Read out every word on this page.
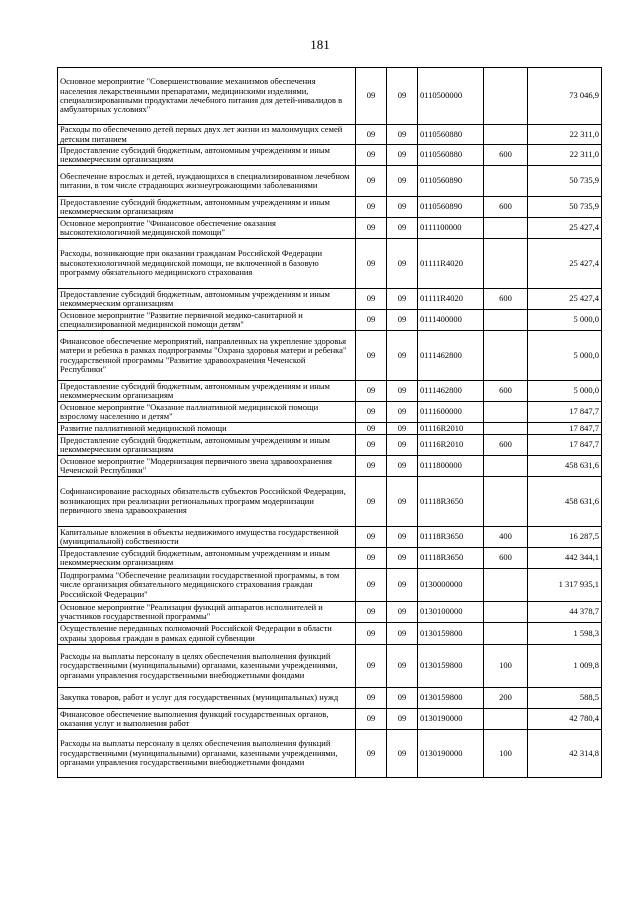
181
Основное мероприятие "Совершенствование механизмов обеспечения населения лекарственными препаратами, медицинскими изделиями, специализированными продуктами лечебного питания для детей-инвалидов в амбулаторных условиях"	09	09	0110500000		73 046,9
Расходы по обеспечению детей первых двух лет жизни из малоимущих семей детским питанием	09	09	0110560880		22 311,0
Предоставление субсидий бюджетным, автономным учреждениям и иным некоммерческим организациям	09	09	0110560880	600	22 311,0
Обеспечение взрослых и детей, нуждающихся в специализированном лечебном питании, в том числе страдающих жизнеугрожающими заболеваниями	09	09	0110560890		50 735,9
Предоставление субсидий бюджетным, автономным учреждениям и иным некоммерческим организациям	09	09	0110560890	600	50 735,9
Основное мероприятие "Финансовое обеспечение оказания высокотехнологичной медицинской помощи"	09	09	0111100000		25 427,4
Расходы, возникающие при оказании гражданам Российской Федерации высокотехнологичной медицинской помощи, не включенной в базовую программу обязательного медицинского страхования	09	09	01111R4020		25 427,4
Предоставление субсидий бюджетным, автономным учреждениям и иным некоммерческим организациям	09	09	01111R4020	600	25 427,4
Основное мероприятие "Развитие первичной медико-санитарной и специализированной медицинской помощи детям"	09	09	0111400000		5 000,0
Финансовое обеспечение мероприятий, направленных на укрепление здоровья матери и ребенка в рамках подпрограммы "Охрана здоровья матери и ребенка" государственной программы "Развитие здравоохранения Чеченской Республики"	09	09	0111462800		5 000,0
Предоставление субсидий бюджетным, автономным учреждениям и иным некоммерческим организациям	09	09	0111462800	600	5 000,0
Основное мероприятие "Оказание паллиативной медицинской помощи взрослому населению и детям"	09	09	0111600000		17 847,7
Развитие паллиативной медицинской помощи	09	09	01116R2010		17 847,7
Предоставление субсидий бюджетным, автономным учреждениям и иным некоммерческим организациям	09	09	01116R2010	600	17 847,7
Основное мероприятие "Модернизация первичного звена здравоохранения Чеченской Республики"	09	09	0111800000		458 631,6
Софинансирование расходных обязательств субъектов Российской Федерации, возникающих при реализации региональных программ модернизации первичного звена здравоохранения	09	09	01118R3650		458 631,6
Капитальные вложения в объекты недвижимого имущества государственной (муниципальной) собственности	09	09	01118R3650	400	16 287,5
Предоставление субсидий бюджетным, автономным учреждениям и иным некоммерческим организациям	09	09	01118R3650	600	442 344,1
Подпрограмма "Обеспечение реализации государственной программы, в том числе организация обязательного медицинского страхования граждан Российской Федерации"	09	09	0130000000		1 317 935,1
Основное мероприятие "Реализация функций аппаратов исполнителей и участников государственной программы"	09	09	0130100000		44 378,7
Осуществление переданных полномочий Российской Федерации в области охраны здоровья граждан в рамках единой субвенции	09	09	0130159800		1 598,3
Расходы на выплаты персоналу в целях обеспечения выполнения функций государственными (муниципальными) органами, казенными учреждениями, органами управления государственными внебюджетными фондами	09	09	0130159800	100	1 009,8
Закупка товаров, работ и услуг для государственных (муниципальных) нужд	09	09	0130159800	200	588,5
Финансовое обеспечение выполнения функций государственных органов, оказания услуг и выполнения работ	09	09	0130190000		42 780,4
Расходы на выплаты персоналу в целях обеспечения выполнения функций государственными (муниципальными) органами, казенными учреждениями, органами управления государственными внебюджетными фондами	09	09	0130190000	100	42 314,8
